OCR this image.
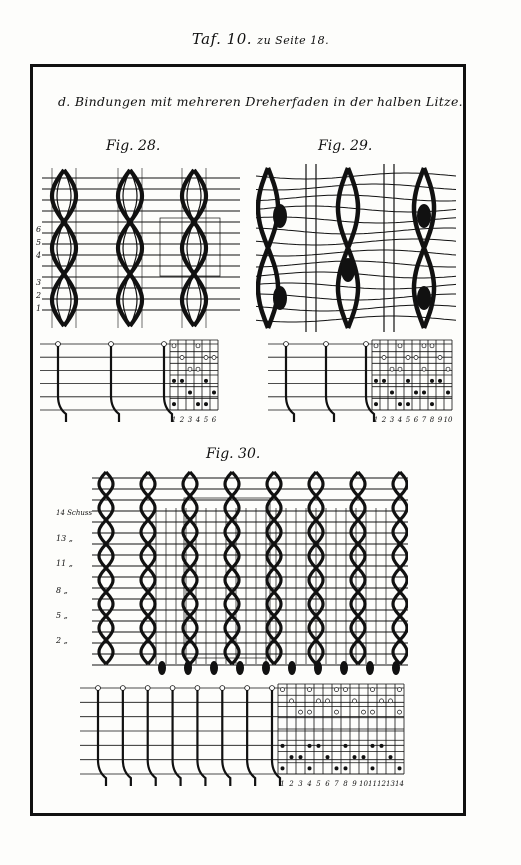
Taf. 10. zu Seite 18.
d. Bindungen mit mehreren Dreherfaden in der halben Litze.
Fig. 28.
6
5
4
3
2
1
1 2 3 4 5 6
Fig. 29.
1 2 3 4 5 6 7 8 9 10
Fig. 30.
14 Schuss
13 „
11 „
8 „
5 „
2 „
1 2 3 4 5 6 7 8 9 10 11 12 13 14
